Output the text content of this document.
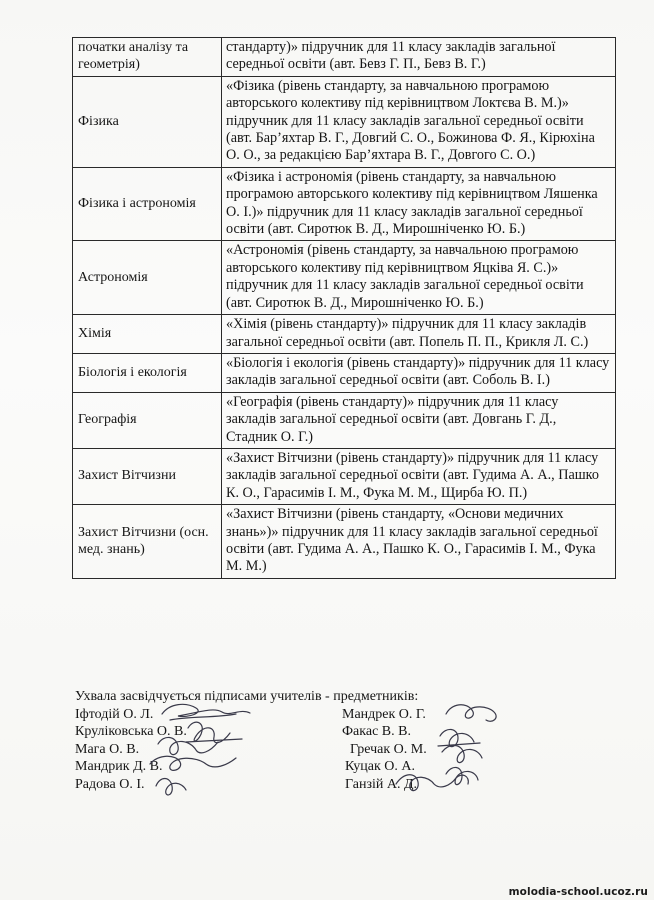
початки аналізу та геометрія)	стандарту)» підручник для 11 класу закладів загальної середньої освіти (авт. Бевз Г. П., Бевз В. Г.)
Фізика	«Фізика (рівень стандарту, за навчальною програмою авторського колективу під керівництвом Локтєва В. М.)» підручник для 11 класу закладів загальної середньої освіти (авт. Бар’яхтар В. Г., Довгий С. О., Божинова Ф. Я., Кірюхіна О. О., за редакцією Бар’яхтара В. Г., Довгого С. О.)
Фізика і астрономія	«Фізика і астрономія (рівень стандарту, за навчальною програмою авторського колективу під керівництвом Ляшенка О. І.)» підручник для 11 класу закладів загальної середньої освіти (авт. Сиротюк В. Д., Мирошніченко Ю. Б.)
Астрономія	«Астрономія (рівень стандарту, за навчальною програмою авторського колективу під керівництвом Яцківа Я. С.)» підручник для 11 класу закладів загальної середньої освіти (авт. Сиротюк В. Д., Мирошніченко Ю. Б.)
Хімія	«Хімія (рівень стандарту)» підручник для 11 класу закладів загальної середньої освіти (авт. Попель П. П., Крикля Л. С.)
Біологія і екологія	«Біологія і екологія (рівень стандарту)» підручник для 11 класу закладів загальної середньої освіти (авт. Соболь В. І.)
Географія	«Географія (рівень стандарту)» підручник для 11 класу закладів загальної середньої освіти (авт. Довгань Г. Д., Стадник О. Г.)
Захист Вітчизни	«Захист Вітчизни (рівень стандарту)» підручник для 11 класу закладів загальної середньої освіти (авт. Гудима А. А., Пашко К. О., Гарасимів І. М., Фука М. М., Щирба Ю. П.)
Захист Вітчизни (осн. мед. знань)	«Захист Вітчизни (рівень стандарту, «Основи медичних знань»)» підручник для 11 класу закладів загальної середньої освіти (авт. Гудима А. А., Пашко К. О., Гарасимів І. М., Фука М. М.)
Ухвала засвідчується підписами учителів - предметників:
Іфтодій О. Л.	Мандрек О. Г.
Круліковська О. В.	Факас В. В.
Мага О. В.	Гречак О. М.
Мандрик Д. В.	Куцак О. А.
Радова О. І.	Ганзій А. Д.
molodia-school.ucoz.ru
